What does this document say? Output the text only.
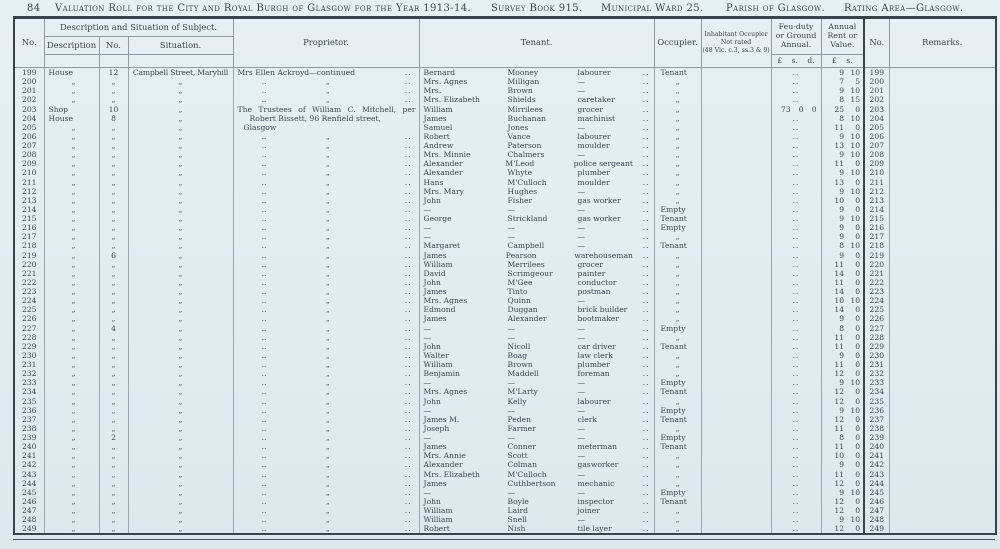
84 Valuation Roll for the City and Royal Burgh of Glasgow for the Year 1913-14. Survey Book 915. Municipal Ward 25. Parish of Glasgow. Rating Area—Glasgow.
No.	Description and Situation of Subject.			Proprietor.	Tenant.	Occupier.	Inhabitant Occupier
Not rated
(48 Vic. c.3, ss.3 & 9)	Feu-duty or Ground Annual.	Annual Rent or Value.	No.	Remarks.
	Description	No.	Situation.								
								£ s. d.	£ s.		
199	House	12	Campbell Street, Maryhill	Mrs Ellen Ackroyd—continued ..	Bernard Mooney labourer ..	Tenant		..	9 10	199	
200	„	„	„	.. „ ..	Mrs. Agnes Milligan — ..	„		..	7 5	200	
201	„	„	„	.. „ ..	Mrs. Brown — ..	„		..	9 10	201	
202	„	„	„	.. „ ..	Mrs. Elizabeth Shields caretaker ..	„		..	8 15	202	
203	Shop	10	„	The Trustees of William C. Mitchell, per	William Mirrilees grocer ..	„		73 0 0	25 0	203	
204	House	8	„	Robert Bissett, 96 Renfield street,	James Buchanan machinist ..	„		..	8 10	204	
205	„	„	„	Glasgow	Samuel Jones — ..	„		..	11 0	205	
206	„	„	„	.. „ ..	Robert Vance labourer ..	„		..	9 10	206	
207	„	„	„	.. „ ..	Andrew Paterson moulder ..	„		..	13 10	207	
208	„	„	„	.. „ ..	Mrs. Minnie Chalmers — ..	„		..	9 10	208	
209	„	„	„	.. „ ..	Alexander M'Leod police sergeant ..	„		..	11 0	209	
210	„	„	„	.. „ ..	Alexander Whyte plumber ..	„		..	9 10	210	
211	„	„	„	.. „ ..	Hans M'Culloch moulder ..	„		..	13 0	211	
212	„	„	„	.. „ ..	Mrs. Mary Hughes — ..	„		..	9 10	212	
213	„	„	„	.. „ ..	John Fisher gas worker ..	„		..	10 0	213	
214	„	„	„	.. „ ..	— — — ..	Empty		..	9 0	214	
215	„	„	„	.. „ ..	George Strickland gas worker ..	Tenant		..	9 10	215	
216	„	„	„	.. „ ..	— — — ..	Empty		..	9 0	216	
217	„	„	„	.. „ ..	— — — ..	„		..	9 0	217	
218	„	„	„	.. „ ..	Margaret Campbell — ..	Tenant		..	8 10	218	
219	„	6	„	.. „ ..	James Pearson warehouseman ..	„		..	9 0	219	
220	„	„	„	.. „ ..	William Merrilees grocer ..	„		..	11 0	220	
221	„	„	„	.. „ ..	David Scrimgeour painter ..	„		..	14 0	221	
222	„	„	„	.. „ ..	John M'Gee conductor ..	„		..	11 0	222	
223	„	„	„	.. „ ..	James Tinto postman ..	„		..	14 0	223	
224	„	„	„	.. „ ..	Mrs. Agnes Quinn — ..	„		..	10 10	224	
225	„	„	„	.. „ ..	Edmond Duggan brick builder ..	„		..	14 0	225	
226	„	„	„	.. „ ..	James Alexander bootmaker ..	„		..	9 0	226	
227	„	4	„	.. „ ..	— — — ..	Empty		..	8 0	227	
228	„	„	„	.. „ ..	— — — ..	„		..	11 0	228	
229	„	„	„	.. „ ..	John Nicoll car driver ..	Tenant		..	11 0	229	
230	„	„	„	.. „ ..	Walter Boag law clerk ..	„		..	9 0	230	
231	„	„	„	.. „ ..	William Brown plumber ..	„		..	11 0	231	
232	„	„	„	.. „ ..	Benjamin Maddell foreman ..	„		..	12 0	232	
233	„	„	„	.. „ ..	— — — ..	Empty		..	9 10	233	
234	„	„	„	.. „ ..	Mrs. Agnes M'Larty — ..	Tenant		..	12 0	234	
235	„	„	„	.. „ ..	John Kelly labourer ..	„		..	12 0	235	
236	„	„	„	.. „ ..	— — — ..	Empty		..	9 10	236	
237	„	„	„	.. „ ..	James M. Peden clerk ..	Tenant		..	12 0	237	
238	„	„	„	.. „ ..	Joseph Farmer — ..	„		..	11 0	238	
239	„	2	„	.. „ ..	— — — ..	Empty		..	8 0	239	
240	„	„	„	.. „ ..	James Conner meterman ..	Tenant		..	11 0	240	
241	„	„	„	.. „ ..	Mrs. Annie Scott — ..	„		..	10 0	241	
242	„	„	„	.. „ ..	Alexander Colman gasworker ..	„		..	9 0	242	
243	„	„	„	.. „ ..	Mrs. Elizabeth M'Culloch — ..	„		..	11 0	243	
244	„	„	„	.. „ ..	James Cuthbertson mechanic ..	„		..	12 0	244	
245	„	„	„	.. „ ..	— — — ..	Empty		..	9 10	245	
246	„	„	„	.. „ ..	John Boyle inspector ..	Tenant		..	12 0	246	
247	„	„	„	.. „ ..	William Laird joiner ..	„		..	12 0	247	
248	„	„	„	.. „ ..	William Snell — ..	„		..	9 10	248	
249	„	„	„	.. „ ..	Robert Nish tile layer ..	„		..	12 0	249	
